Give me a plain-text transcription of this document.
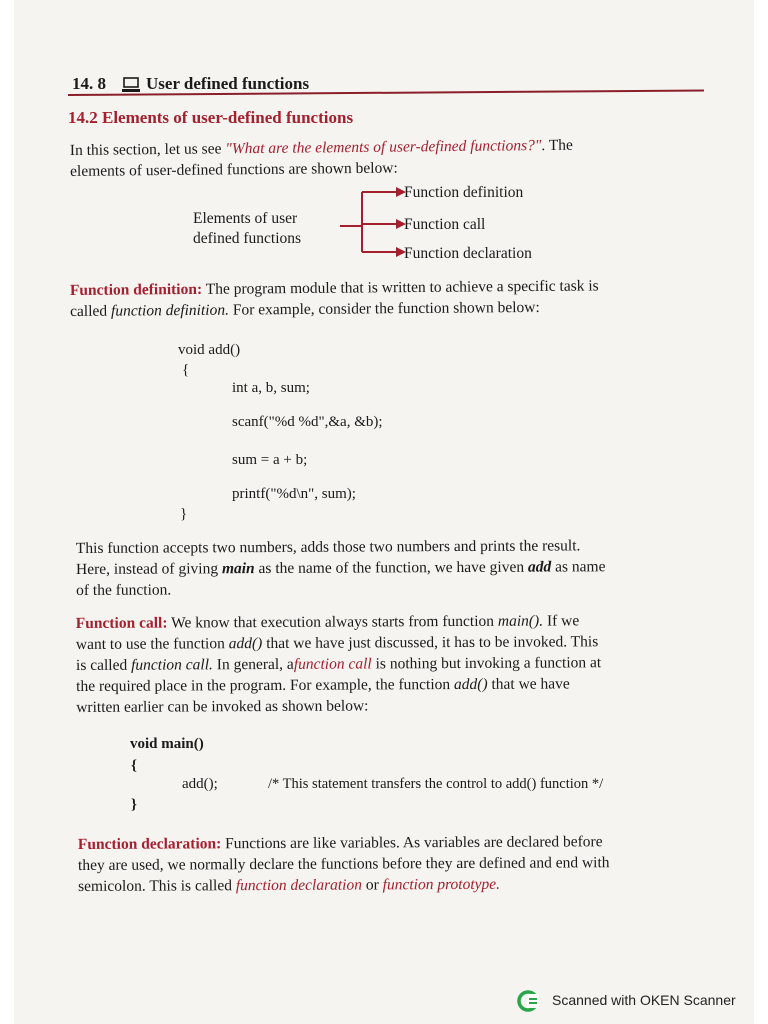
14. 8 User defined functions
14.2 Elements of user-defined functions
In this section, let us see "What are the elements of user-defined functions?". The
elements of user-defined functions are shown below:
Elements of user
defined functions
Function definition
Function call
Function declaration
Function definition: The program module that is written to achieve a specific task is
called function definition. For example, consider the function shown below:
void add()
{
int a, b, sum;
scanf("%d %d",&a, &b);
sum = a + b;
printf("%d\n", sum);
}
This function accepts two numbers, adds those two numbers and prints the result.
Here, instead of giving main as the name of the function, we have given add as name
of the function.
Function call: We know that execution always starts from function main(). If we
want to use the function add() that we have just discussed, it has to be invoked. This
is called function call. In general, afunction call is nothing but invoking a function at
the required place in the program. For example, the function add() that we have
written earlier can be invoked as shown below:
void main()
{
add();	/* This statement transfers the control to add() function */
}
Function declaration: Functions are like variables. As variables are declared before
they are used, we normally declare the functions before they are defined and end with
semicolon. This is called function declaration or function prototype.
Scanned with OKEN Scanner
